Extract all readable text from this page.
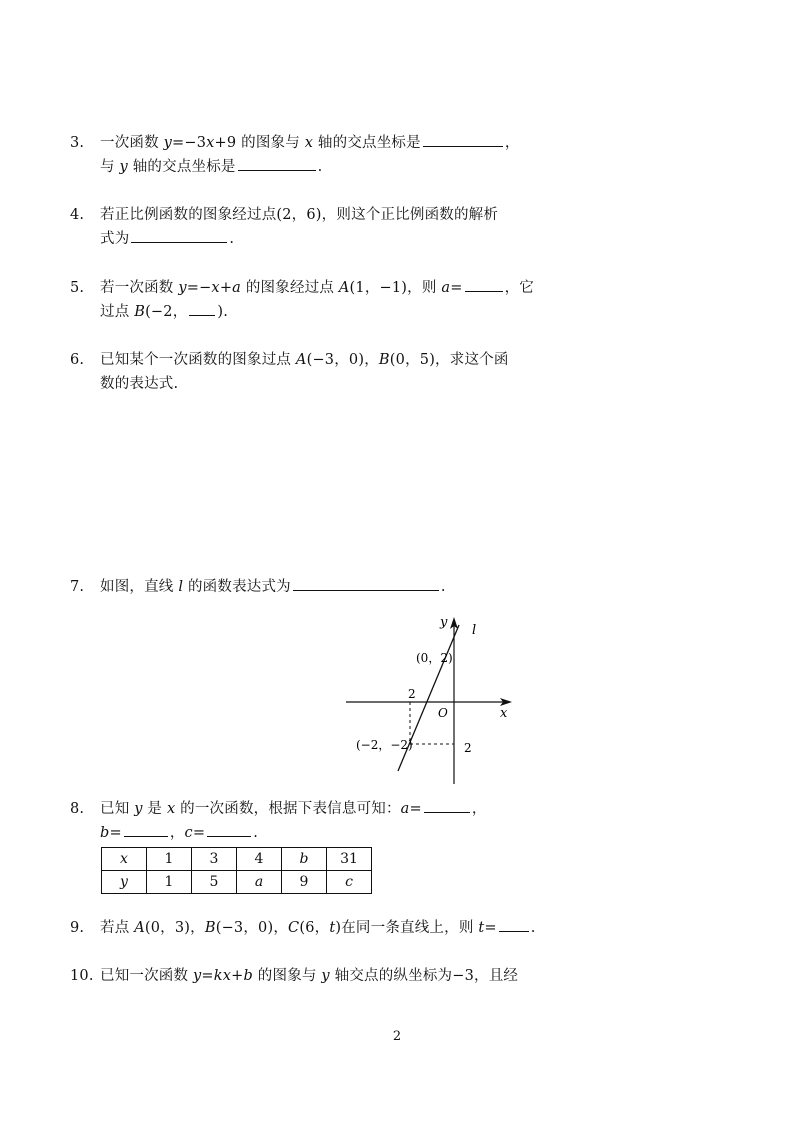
3.	一次函数 y=−3x+9 的图象与 x 轴的交点坐标是	，
与 y 轴的交点坐标是	.
4.	若正比例函数的图象经过点(2，6)，则这个正比例函数的解析
式为	.
5.	若一次函数 y=−x+a 的图象经过点 A(1，−1)，则 a=	，它
过点 B(−2， ).
6.	已知某个一次函数的图象过点 A(−3，0)，B(0，5)，求这个函
数的表达式.
7.	如图，直线 l 的函数表达式为	.
y
l
(0，2)
2
O	x
(−2，−2)	2
8.	已知 y 是 x 的一次函数，根据下表信息可知：a=	，
b=	，c=	.
x	1	3	4	b	31
y	1	5	a	9	c
9.	若点 A(0，3)，B(−3，0)，C(6，t)在同一条直线上，则 t= .
10. 已知一次函数 y=kx+b 的图象与 y 轴交点的纵坐标为−3，且经
2
